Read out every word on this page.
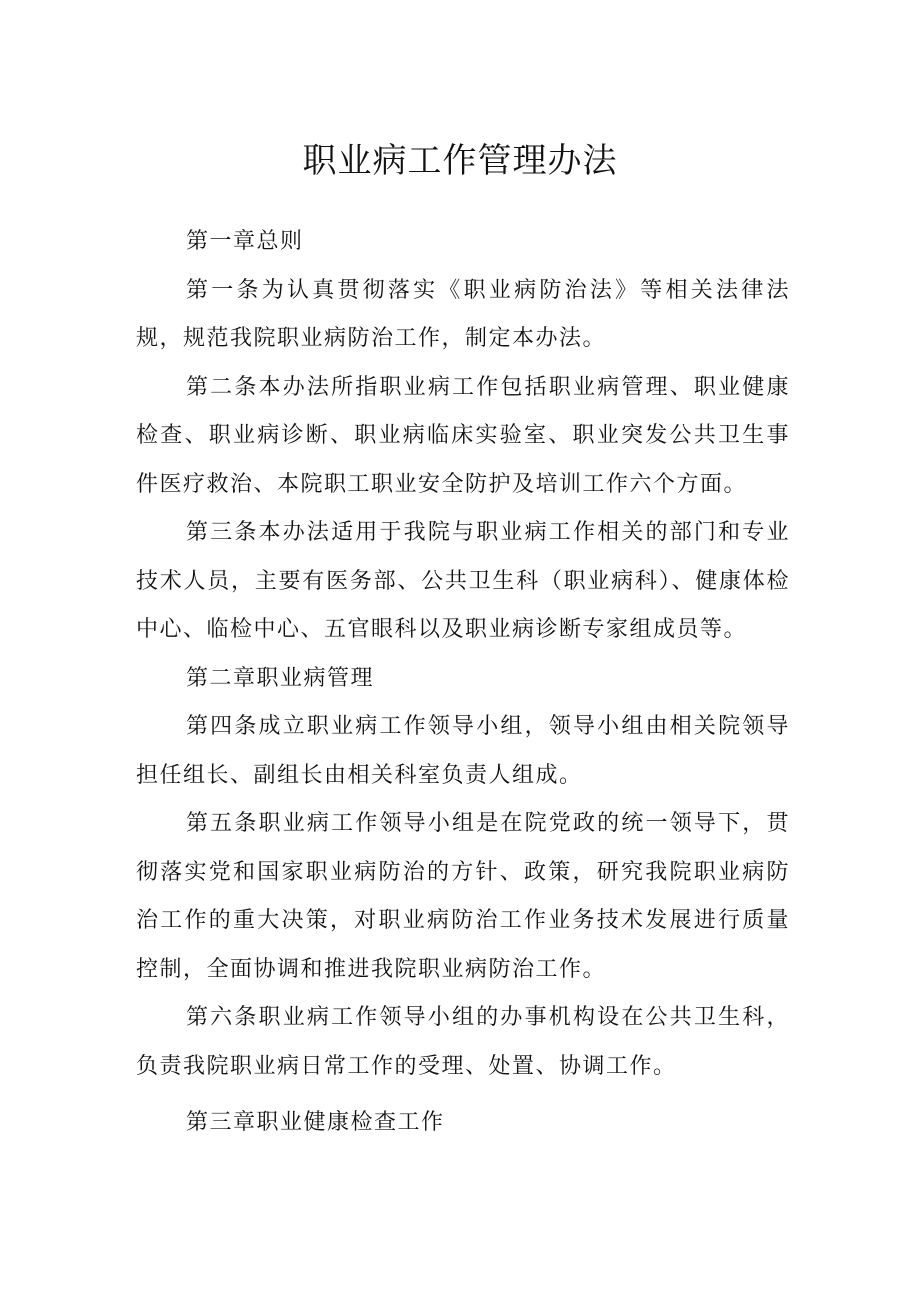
职业病工作管理办法

第一章总则

第一条为认真贯彻落实《职业病防治法》等相关法律法规，规范我院职业病防治工作，制定本办法。

第二条本办法所指职业病工作包括职业病管理、职业健康检查、职业病诊断、职业病临床实验室、职业突发公共卫生事件医疗救治、本院职工职业安全防护及培训工作六个方面。

第三条本办法适用于我院与职业病工作相关的部门和专业技术人员，主要有医务部、公共卫生科（职业病科）、健康体检中心、临检中心、五官眼科以及职业病诊断专家组成员等。

第二章职业病管理

第四条成立职业病工作领导小组，领导小组由相关院领导担任组长、副组长由相关科室负责人组成。

第五条职业病工作领导小组是在院党政的统一领导下，贯彻落实党和国家职业病防治的方针、政策，研究我院职业病防治工作的重大决策，对职业病防治工作业务技术发展进行质量控制，全面协调和推进我院职业病防治工作。

第六条职业病工作领导小组的办事机构设在公共卫生科，负责我院职业病日常工作的受理、处置、协调工作。

第三章职业健康检查工作
